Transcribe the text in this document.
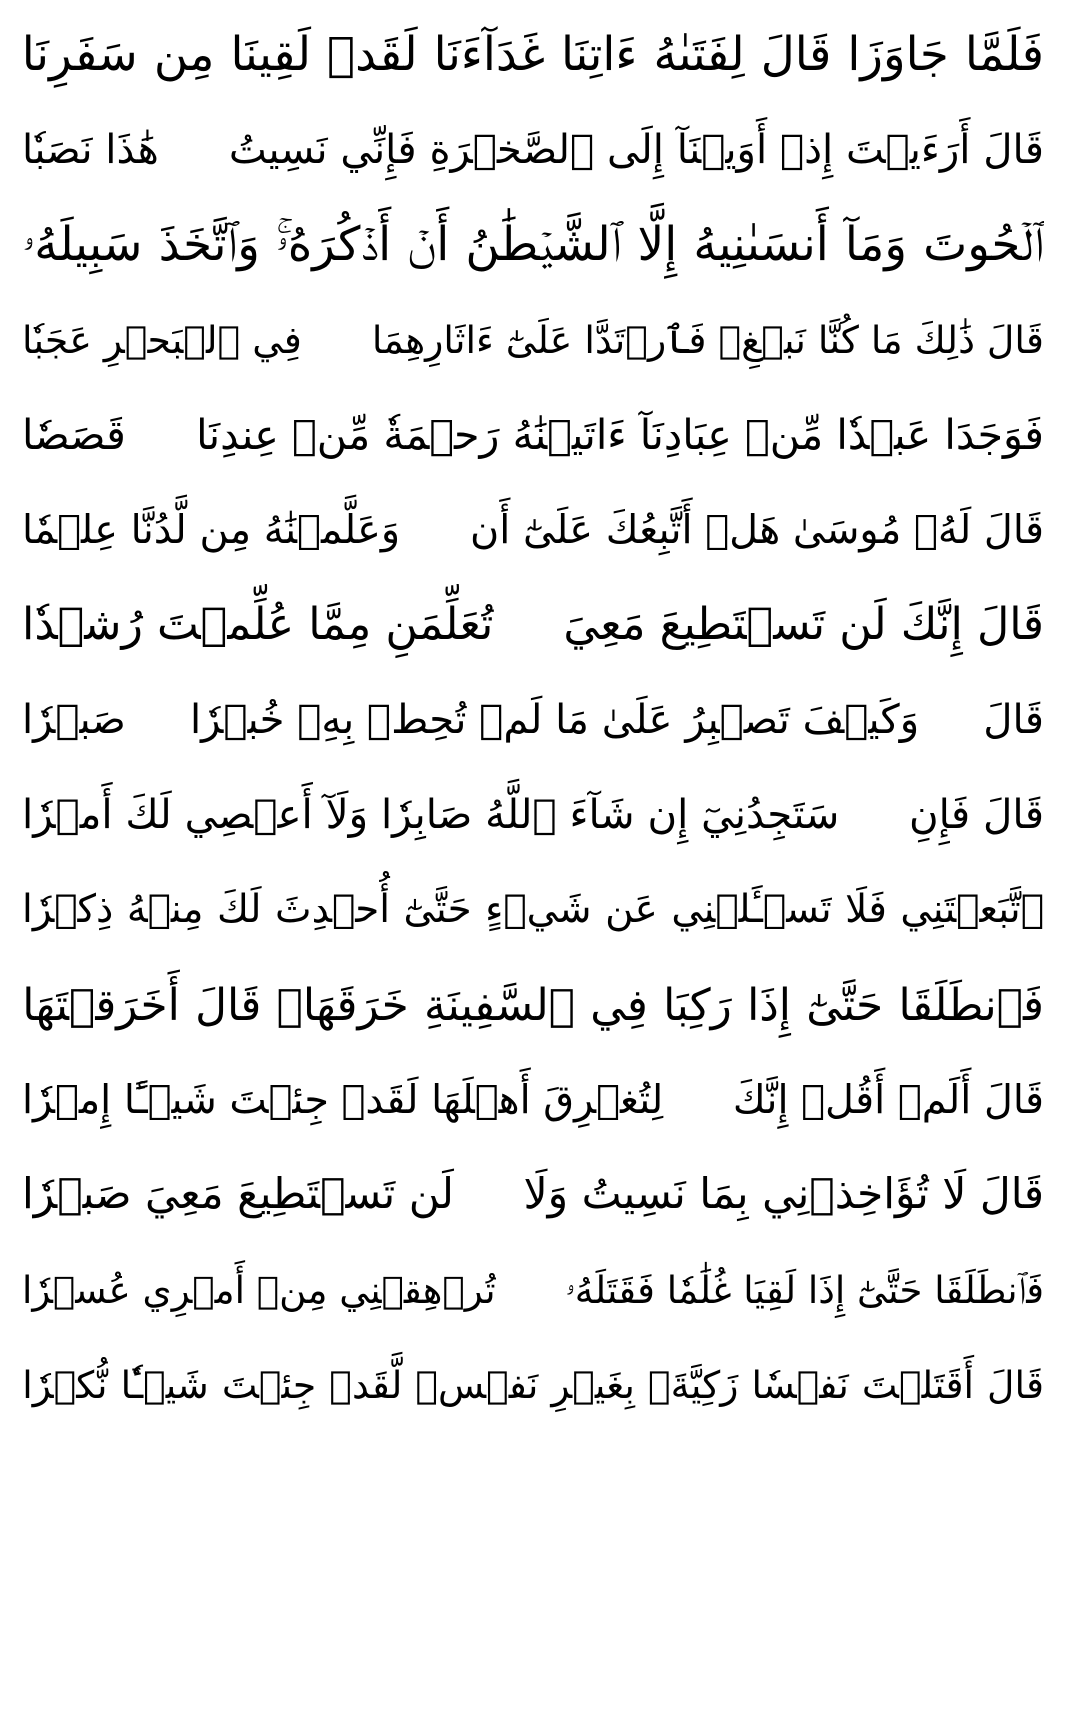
فَلَمَّا جَاوَزَا قَالَ لِفَتَىٰهُ ءَاتِنَا غَدَآءَنَا لَقَدۡ لَقِينَا مِن سَفَرِنَا
قَالَ أَرَءَيۡتَ إِذۡ أَوَيۡنَآ إِلَى ٱلصَّخۡرَةِ فَإِنِّي نَسِيتُ
هَٰذَا نَصَبٗا
ٱلۡحُوتَ وَمَآ أَنسَىٰنِيهُ إِلَّا ٱلشَّيۡطَٰنُ أَنۡ أَذۡكُرَهُۥۚ وَٱتَّخَذَ سَبِيلَهُۥ
قَالَ ذَٰلِكَ مَا كُنَّا نَبۡغِۚ فَٱرۡتَدَّا عَلَىٰٓ ءَاثَارِهِمَا
فِي ٱلۡبَحۡرِ عَجَبٗا
فَوَجَدَا عَبۡدٗا مِّنۡ عِبَادِنَآ ءَاتَيۡنَٰهُ رَحۡمَةٗ مِّنۡ عِندِنَا
قَصَصٗا
قَالَ لَهُۥ مُوسَىٰ هَلۡ أَتَّبِعُكَ عَلَىٰٓ أَن
وَعَلَّمۡنَٰهُ مِن لَّدُنَّا عِلۡمٗا
قَالَ إِنَّكَ لَن تَسۡتَطِيعَ مَعِيَ
تُعَلِّمَنِ مِمَّا عُلِّمۡتَ رُشۡدٗا
قَالَ
وَكَيۡفَ تَصۡبِرُ عَلَىٰ مَا لَمۡ تُحِطۡ بِهِۦ خُبۡرٗا
صَبۡرٗا
قَالَ فَإِنِ
سَتَجِدُنِيٓ إِن شَآءَ ٱللَّهُ صَابِرٗا وَلَآ أَعۡصِي لَكَ أَمۡرٗا
ٱتَّبَعۡتَنِي فَلَا تَسۡـَٔلۡنِي عَن شَيۡءٍ حَتَّىٰٓ أُحۡدِثَ لَكَ مِنۡهُ ذِكۡرٗا
فَٱنطَلَقَا حَتَّىٰٓ إِذَا رَكِبَا فِي ٱلسَّفِينَةِ خَرَقَهَاۖ قَالَ أَخَرَقۡتَهَا
قَالَ أَلَمۡ أَقُلۡ إِنَّكَ
لِتُغۡرِقَ أَهۡلَهَا لَقَدۡ جِئۡتَ شَيۡـًٔا إِمۡرٗا
قَالَ لَا تُؤَاخِذۡنِي بِمَا نَسِيتُ وَلَا
لَن تَسۡتَطِيعَ مَعِيَ صَبۡرٗا
فَٱنطَلَقَا حَتَّىٰٓ إِذَا لَقِيَا غُلَٰمٗا فَقَتَلَهُۥ
تُرۡهِقۡنِي مِنۡ أَمۡرِي عُسۡرٗا
قَالَ أَقَتَلۡتَ نَفۡسٗا زَكِيَّةَۢ بِغَيۡرِ نَفۡسٖ لَّقَدۡ جِئۡتَ شَيۡـٔٗا نُّكۡرٗا
